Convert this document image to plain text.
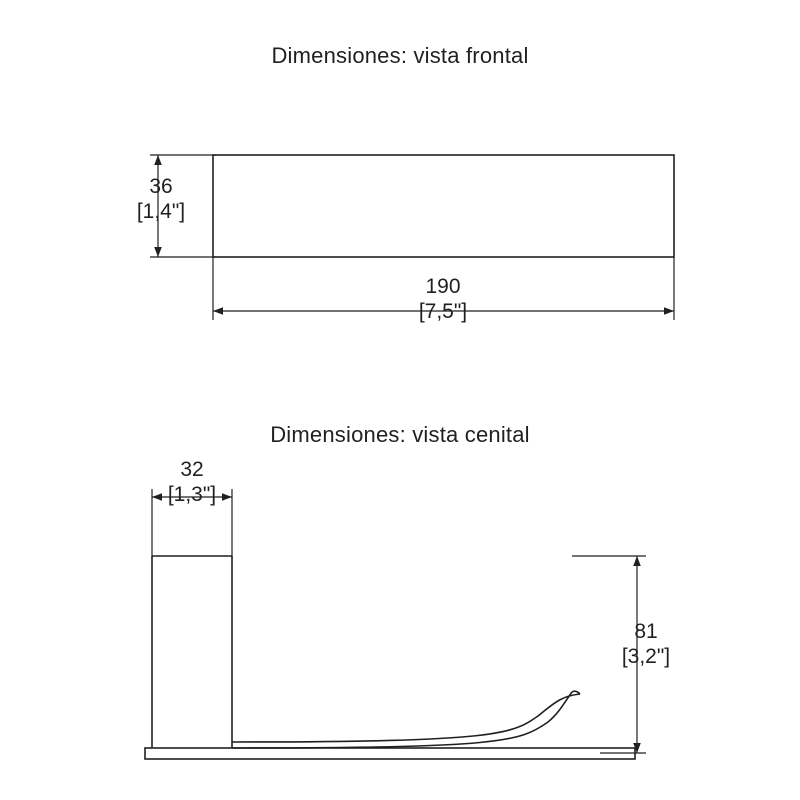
Dimensiones: vista frontal
Dimensiones: vista cenital
36
[1,4"]
190
[7,5"]
32
[1,3"]
81
[3,2"]
